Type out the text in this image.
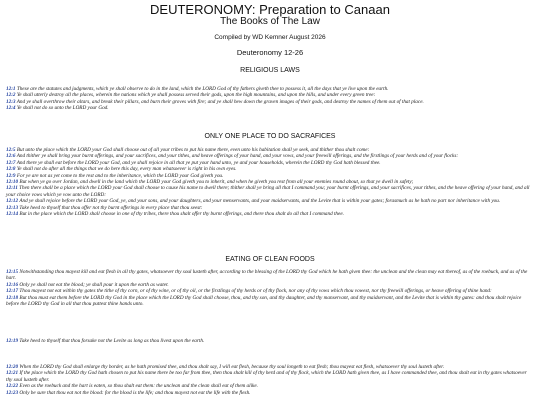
DEUTERONOMY: Preparation to Canaan
The Books of The Law
Compiled by WD Kemner August 2026
Deuteronomy 12-26
RELIGIOUS LAWS

12:1 These are the statutes and judgments, which ye shall observe to do in the land, which the LORD God of thy fathers giveth thee to possess it, all the days that ye live upon the earth.

12:2 Ye shall utterly destroy all the places, wherein the nations which ye shall possess served their gods, upon the high mountains, and upon the hills, and under every green tree:

12:3 And ye shall overthrow their altars, and break their pillars, and burn their groves with fire; and ye shall hew down the graven images of their gods, and destroy the names of them out of that place.

12:4 Ye shall not do so unto the LORD your God.

ONLY ONE PLACE TO DO SACRAFICES

12:5 But unto the place which the LORD your God shall choose out of all your tribes to put his name there, even unto his habitation shall ye seek, and thither thou shalt come:

12:6 And thither ye shall bring your burnt offerings, and your sacrifices, and your tithes, and heave offerings of your hand, and your vows, and your freewill offerings, and the firstlings of your herds and of your flocks:

12:7 And there ye shall eat before the LORD your God, and ye shall rejoice in all that ye put your hand unto, ye and your households, wherein the LORD thy God hath blessed thee.

12:8 Ye shall not do after all the things that we do here this day, every man whatsoever is right in his own eyes.

12:9 For ye are not as yet come to the rest and to the inheritance, which the LORD your God giveth you.

12:10 But when ye go over Jordan, and dwell in the land which the LORD your God giveth you to inherit, and when he giveth you rest from all your enemies round about, so that ye dwell in safety;

12:11 Then there shall be a place which the LORD your God shall choose to cause his name to dwell there; thither shall ye bring all that I command you; your burnt offerings, and your sacrifices, your tithes, and the heave offering of your hand, and all your choice vows which ye vow unto the LORD:

12:12 And ye shall rejoice before the LORD your God, ye, and your sons, and your daughters, and your menservants, and your maidservants, and the Levite that is within your gates; forasmuch as he hath no part nor inheritance with you.

12:13 Take heed to thyself that thou offer not thy burnt offerings in every place that thou seest:

12:14 But in the place which the LORD shall choose in one of thy tribes, there thou shalt offer thy burnt offerings, and there thou shalt do all that I command thee.

EATING OF CLEAN FOODS

12:15 Notwithstanding thou mayest kill and eat flesh in all thy gates, whatsoever thy soul lusteth after, according to the blessing of the LORD thy God which he hath given thee: the unclean and the clean may eat thereof, as of the roebuck, and as of the hart.

12:16 Only ye shall not eat the blood; ye shall pour it upon the earth as water.

12:17 Thou mayest not eat within thy gates the tithe of thy corn, or of thy wine, or of thy oil, or the firstlings of thy herds or of thy flock, nor any of thy vows which thou vowest, nor thy freewill offerings, or heave offering of thine hand:

12:18 But thou must eat them before the LORD thy God in the place which the LORD thy God shall choose, thou, and thy son, and thy daughter, and thy manservant, and thy maidservant, and the Levite that is within thy gates: and thou shalt rejoice before the LORD thy God in all that thou puttest thine hands unto.

12:19 Take heed to thyself that thou forsake not the Levite as long as thou livest upon the earth.

12:20 When the LORD thy God shall enlarge thy border, as he hath promised thee, and thou shalt say, I will eat flesh, because thy soul longeth to eat flesh; thou mayest eat flesh, whatsoever thy soul lusteth after.

12:21 If the place which the LORD thy God hath chosen to put his name there be too far from thee, then thou shalt kill of thy herd and of thy flock, which the LORD hath given thee, as I have commanded thee, and thou shalt eat in thy gates whatsoever thy soul lusteth after.

12:22 Even as the roebuck and the hart is eaten, so thou shalt eat them: the unclean and the clean shall eat of them alike.

12:23 Only be sure that thou eat not the blood: for the blood is the life; and thou mayest not eat the life with the flesh.
